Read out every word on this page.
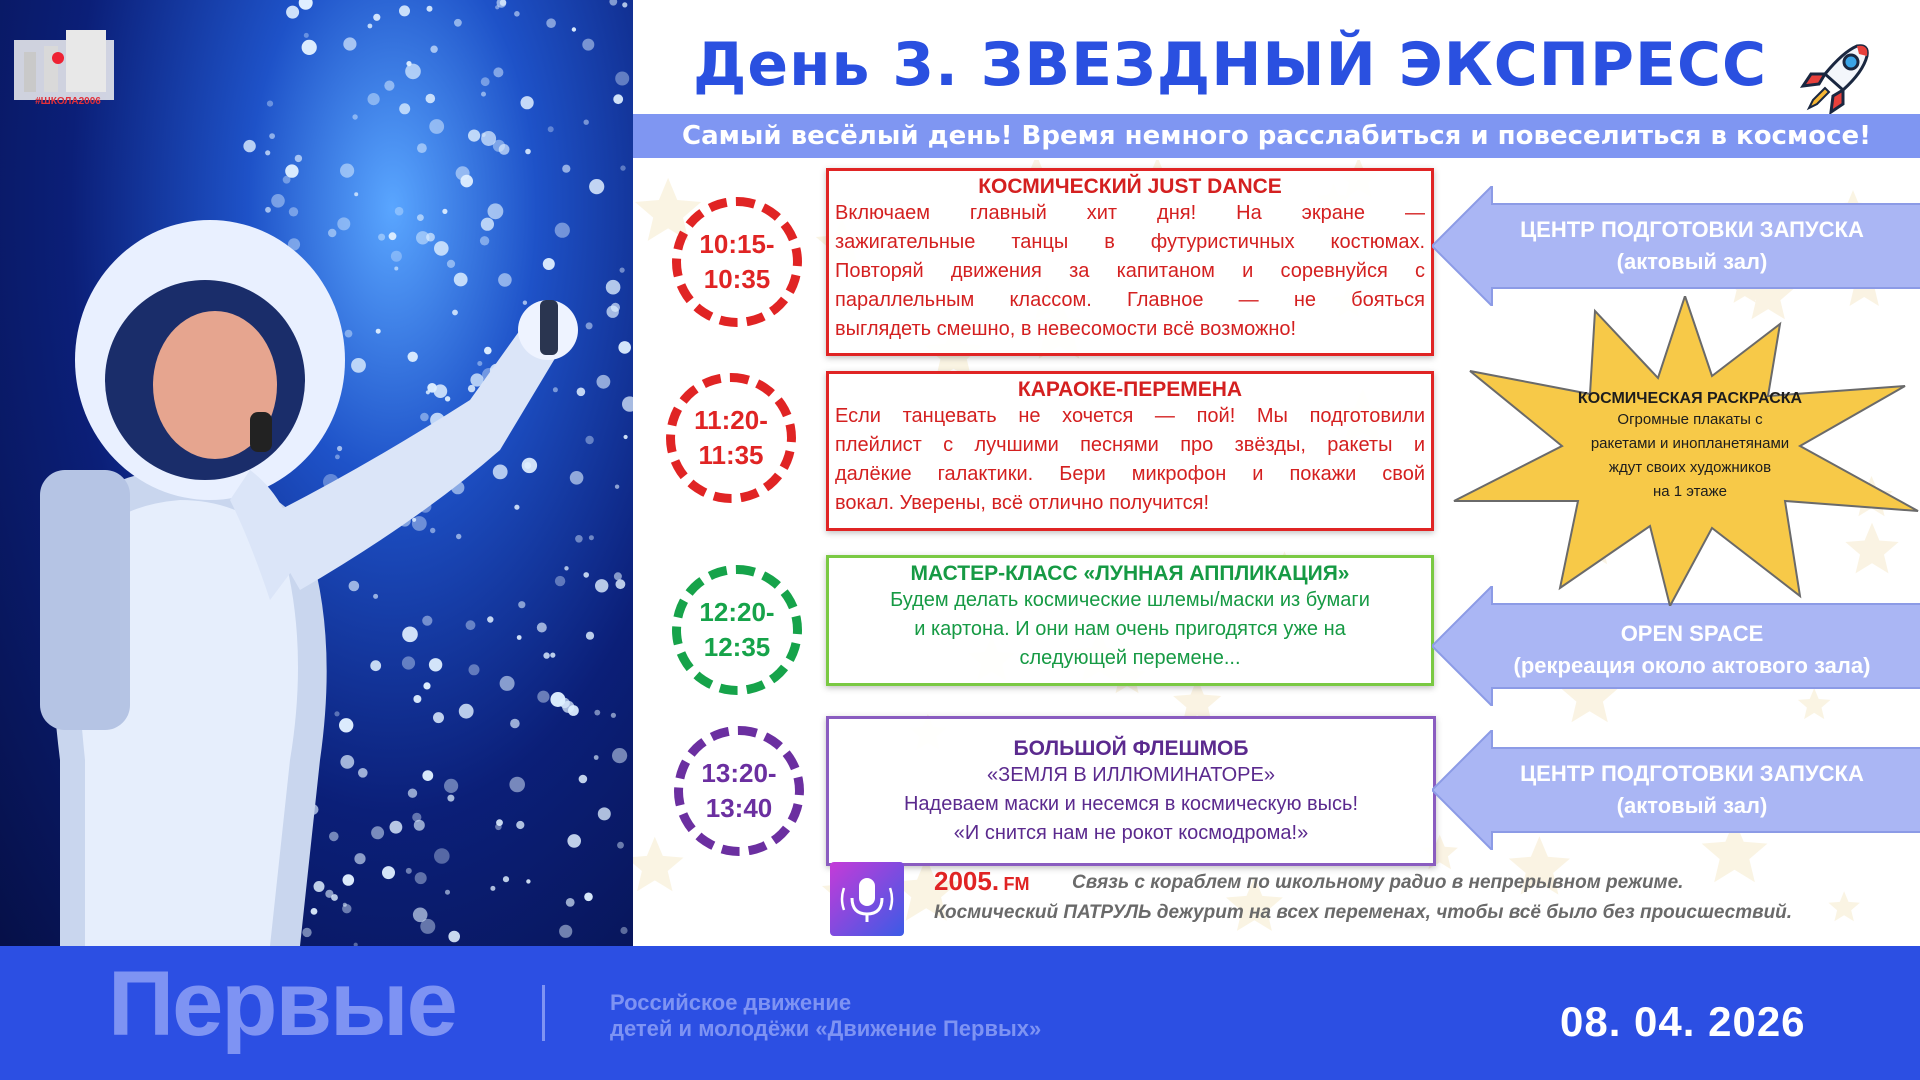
#ШКОЛА2006
День 3. ЗВЕЗДНЫЙ ЭКСПРЕСС
Самый весёлый день! Время немного расслабиться и повеселиться в космосе!
10:15-
10:35
КОСМИЧЕСКИЙ JUST DANCE
Включаем главный хит дня! На экране —
зажигательные танцы в футуристичных костюмах.
Повторяй движения за капитаном и соревнуйся с
параллельным классом. Главное — не бояться
выглядеть смешно, в невесомости всё возможно!
11:20-
11:35
КАРАОКЕ-ПЕРЕМЕНА
Если танцевать не хочется — пой! Мы подготовили
плейлист с лучшими песнями про звёзды, ракеты и
далёкие галактики. Бери микрофон и покажи свой
вокал. Уверены, всё отлично получится!
12:20-
12:35
МАСТЕР-КЛАСС «ЛУННАЯ АППЛИКАЦИЯ»
Будем делать космические шлемы/маски из бумаги
и картона. И они нам очень пригодятся уже на
следующей перемене...
13:20-
13:40
БОЛЬШОЙ ФЛЕШМОБ
«ЗЕМЛЯ В ИЛЛЮМИНАТОРЕ»
Надеваем маски и несемся в космическую высь!
«И снится нам не рокот космодрома!»
ЦЕНТР ПОДГОТОВКИ ЗАПУСКА
(актовый зал)
OPEN SPACE
(рекреация около актового зала)
ЦЕНТР ПОДГОТОВКИ ЗАПУСКА
(актовый зал)
КОСМИЧЕСКАЯ РАСКРАСКА
Огромные плакаты с
ракетами и инопланетянами
ждут своих художников
на 1 этаже
2005. FM Связь с кораблем по школьному радио в непрерывном режиме.
Космический ПАТРУЛЬ дежурит на всех переменах, чтобы всё было без происшествий.
Первые	Российское движение
детей и молодёжи «Движение Первых»	08. 04. 2026
